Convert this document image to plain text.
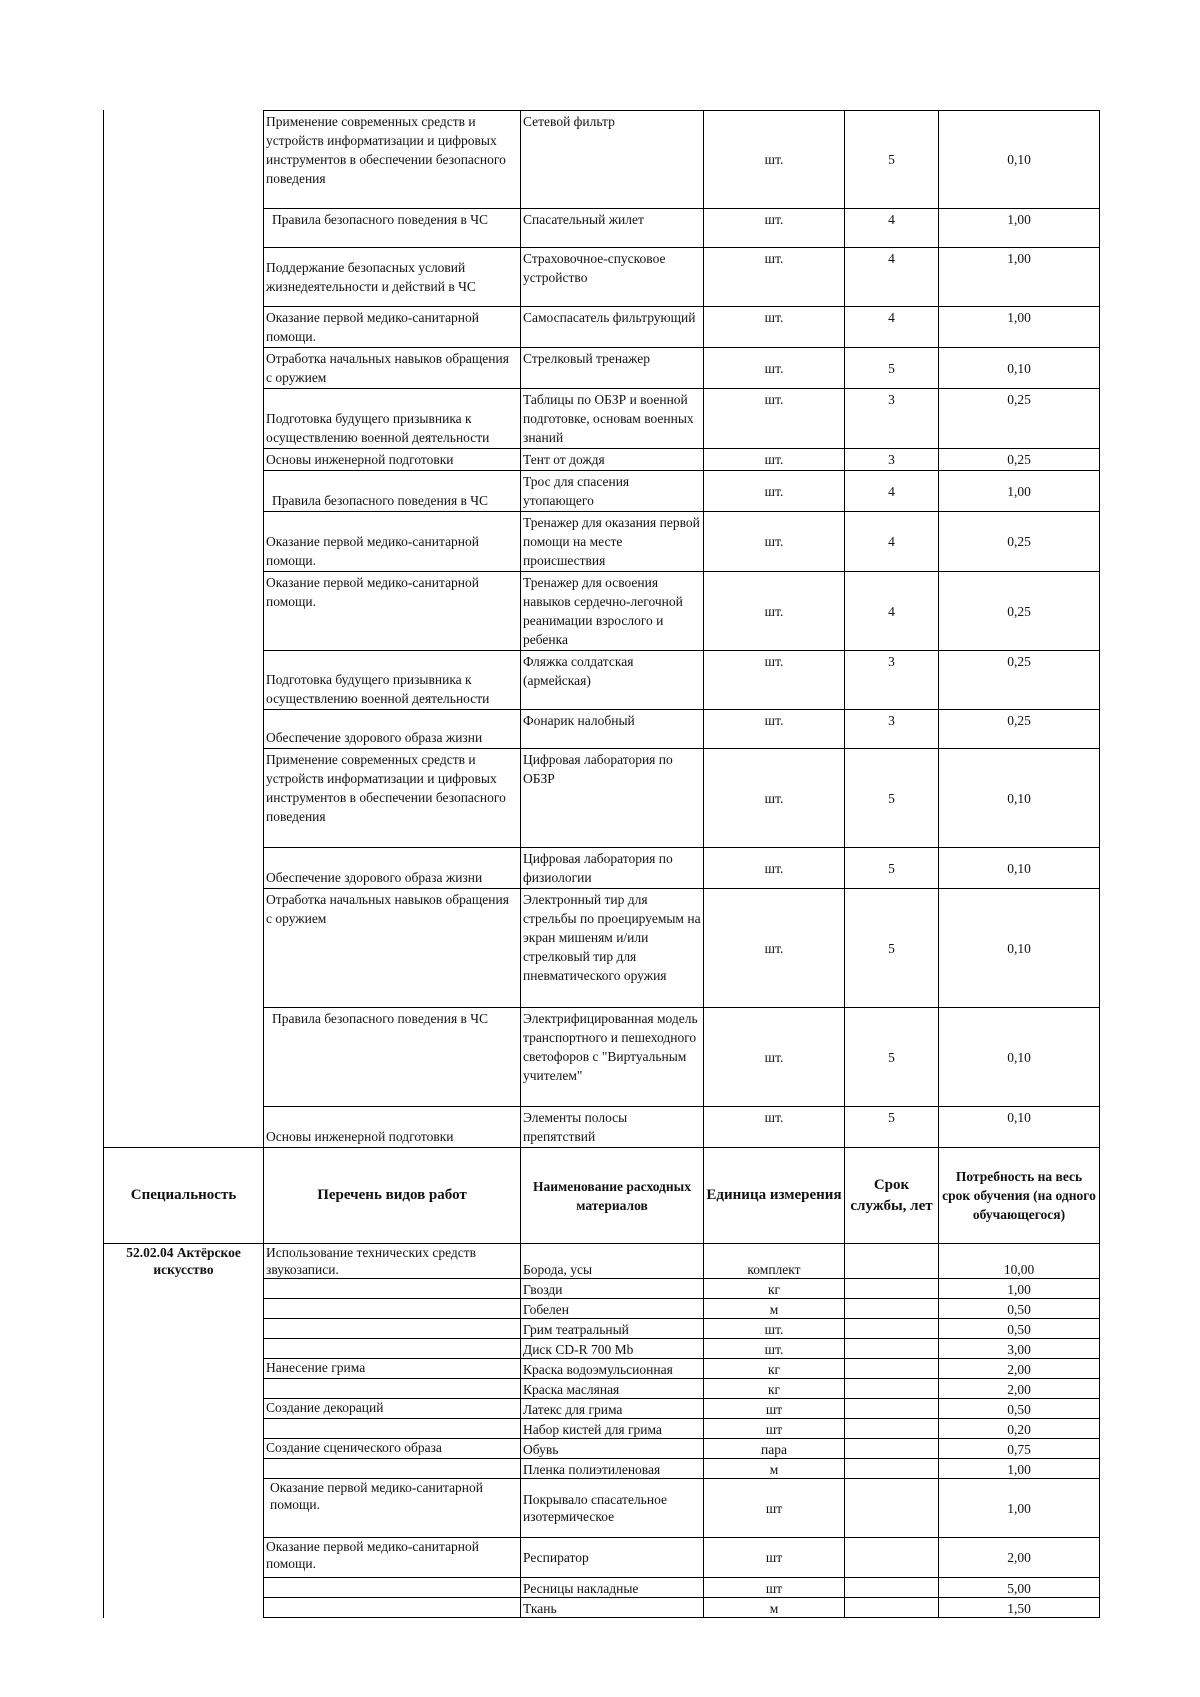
	Применение современных средств и устройств информатизации и цифровых инструментов в обеспечении безопасного поведения	Сетевой фильтр	шт.	5	0,10
	Правила безопасного поведения в ЧС	Спасательный жилет	шт.	4	1,00
	Поддержание безопасных условий жизнедеятельности и действий в ЧС	Страховочное-спусковое устройство	шт.	4	1,00
	Оказание первой медико-санитарной помощи.	Самоспасатель фильтрующий	шт.	4	1,00
	Отработка начальных навыков обращения с оружием	Стрелковый тренажер	шт.	5	0,10
	Подготовка будущего призывника к осуществлению военной деятельности	Таблицы по ОБЗР и военной подготовке, основам военных знаний	шт.	3	0,25
	Основы инженерной подготовки	Тент от дождя	шт.	3	0,25
	Правила безопасного поведения в ЧС	Трос для спасения утопающего	шт.	4	1,00
	Оказание первой медико-санитарной помощи.	Тренажер для оказания первой помощи на месте происшествия	шт.	4	0,25
	Оказание первой медико-санитарной помощи.	Тренажер для освоения навыков сердечно-легочной реанимации взрослого и ребенка	шт.	4	0,25
	Подготовка будущего призывника к осуществлению военной деятельности	Фляжка солдатская (армейская)	шт.	3	0,25
	Обеспечение здорового образа жизни	Фонарик налобный	шт.	3	0,25
	Применение современных средств и устройств информатизации и цифровых инструментов в обеспечении безопасного поведения	Цифровая лаборатория по ОБЗР	шт.	5	0,10
	Обеспечение здорового образа жизни	Цифровая лаборатория по физиологии	шт.	5	0,10
	Отработка начальных навыков обращения с оружием	Электронный тир для стрельбы по проецируемым на экран мишеням и/или стрелковый тир для пневматического оружия	шт.	5	0,10
	Правила безопасного поведения в ЧС	Электрифицированная модель транспортного и пешеходного светофоров с "Виртуальным учителем"	шт.	5	0,10
	Основы инженерной подготовки	Элементы полосы препятствий	шт.	5	0,10
Специальность	Перечень видов работ	Наименование расходных материалов	Единица измерения	Срок службы, лет	Потребность на весь срок обучения (на одного обучающегося)
52.02.04 Актёрское искусство	Использование технических средств звукозаписи.	Борода, усы	комплект		10,00
		Гвозди	кг		1,00
		Гобелен	м		0,50
		Грим театральный	шт.		0,50
		Диск CD-R 700 Mb	шт.		3,00
	Нанесение грима	Краска водоэмульсионная	кг		2,00
		Краска масляная	кг		2,00
	Создание декораций	Латекс для грима	шт		0,50
		Набор кистей для грима	шт		0,20
	Создание сценического образа	Обувь	пара		0,75
		Пленка полиэтиленовая	м		1,00
	Оказание первой медико-санитарной помощи.	Покрывало спасательное изотермическое	шт		1,00
	Оказание первой медико-санитарной помощи.	Респиратор	шт		2,00
		Ресницы накладные	шт		5,00
		Ткань	м		1,50
